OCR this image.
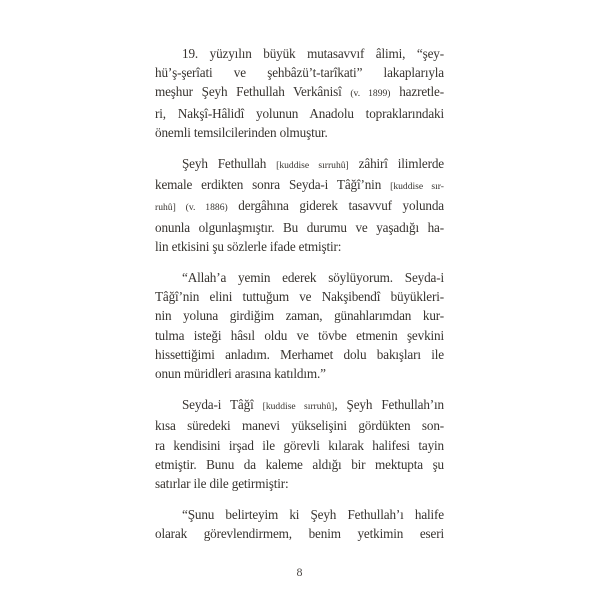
19. yüzyılın büyük mutasavvıf âlimi, “şey-
hü’ş-şerîati ve şehbâzü’t-tarîkati” lakaplarıyla
meşhur Şeyh Fethullah Verkânisî (v. 1899) hazretle-
ri, Nakşî-Hâlidî yolunun Anadolu topraklarındaki
önemli temsilcilerinden olmuştur.
Şeyh Fethullah [kuddise sırruhû] zâhirî ilimlerde
kemale erdikten sonra Seyda-i Tâğî’nin [kuddise sır-
ruhû] (v. 1886) dergâhına giderek tasavvuf yolunda
onunla olgunlaşmıştır. Bu durumu ve yaşadığı ha-
lin etkisini şu sözlerle ifade etmiştir:
“Allah’a yemin ederek söylüyorum. Seyda-i
Tâğî’nin elini tuttuğum ve Nakşibendî büyükleri-
nin yoluna girdiğim zaman, günahlarımdan kur-
tulma isteği hâsıl oldu ve tövbe etmenin şevkini
hissettiğimi anladım. Merhamet dolu bakışları ile
onun müridleri arasına katıldım.”
Seyda-i Tâğî [kuddise sırruhû], Şeyh Fethullah’ın
kısa süredeki manevi yükselişini gördükten son-
ra kendisini irşad ile görevli kılarak halifesi tayin
etmiştir. Bunu da kaleme aldığı bir mektupta şu
satırlar ile dile getirmiştir:
“Şunu belirteyim ki Şeyh Fethullah’ı halife
olarak görevlendirmem, benim yetkimin eseri
8
